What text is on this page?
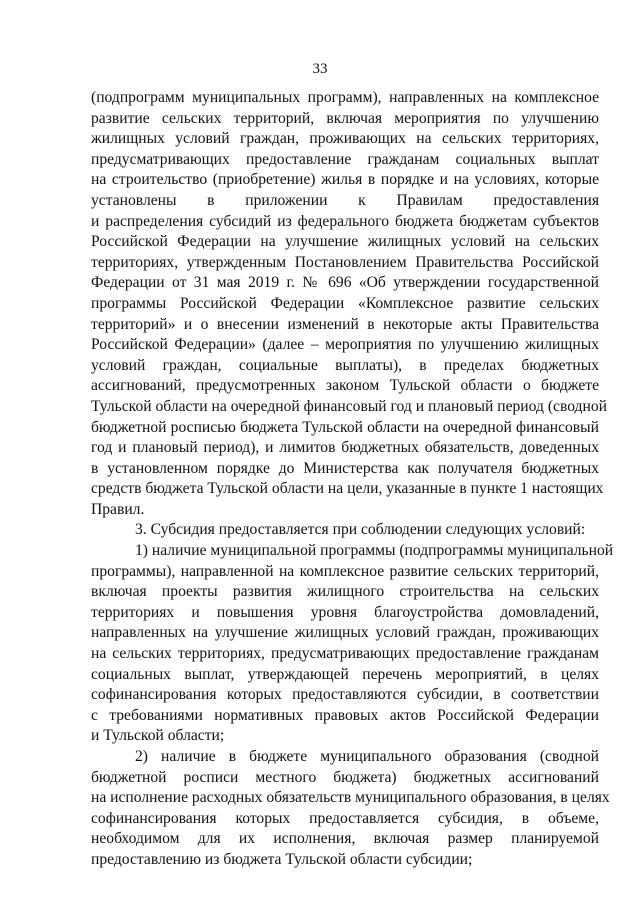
33
(подпрограмм муниципальных программ), направленных на комплексное
развитие сельских территорий, включая мероприятия по улучшению
жилищных условий граждан, проживающих на сельских территориях,
предусматривающих предоставление гражданам социальных выплат
на строительство (приобретение) жилья в порядке и на условиях, которые
установлены в приложении к Правилам предоставления
и распределения субсидий из федерального бюджета бюджетам субъектов
Российской Федерации на улучшение жилищных условий на сельских
территориях, утвержденным Постановлением Правительства Российской
Федерации от 31 мая 2019 г. № 696 «Об утверждении государственной
программы Российской Федерации «Комплексное развитие сельских
территорий» и о внесении изменений в некоторые акты Правительства
Российской Федерации» (далее – мероприятия по улучшению жилищных
условий граждан, социальные выплаты), в пределах бюджетных
ассигнований, предусмотренных законом Тульской области о бюджете
Тульской области на очередной финансовый год и плановый период (сводной
бюджетной росписью бюджета Тульской области на очередной финансовый
год и плановый период), и лимитов бюджетных обязательств, доведенных
в установленном порядке до Министерства как получателя бюджетных
средств бюджета Тульской области на цели, указанные в пункте 1 настоящих
Правил.
3. Субсидия предоставляется при соблюдении следующих условий:
1) наличие муниципальной программы (подпрограммы муниципальной
программы), направленной на комплексное развитие сельских территорий,
включая проекты развития жилищного строительства на сельских
территориях и повышения уровня благоустройства домовладений,
направленных на улучшение жилищных условий граждан, проживающих
на сельских территориях, предусматривающих предоставление гражданам
социальных выплат, утверждающей перечень мероприятий, в целях
софинансирования которых предоставляются субсидии, в соответствии
с требованиями нормативных правовых актов Российской Федерации
и Тульской области;
2) наличие в бюджете муниципального образования (сводной
бюджетной росписи местного бюджета) бюджетных ассигнований
на исполнение расходных обязательств муниципального образования, в целях
софинансирования которых предоставляется субсидия, в объеме,
необходимом для их исполнения, включая размер планируемой
предоставлению из бюджета Тульской области субсидии;
